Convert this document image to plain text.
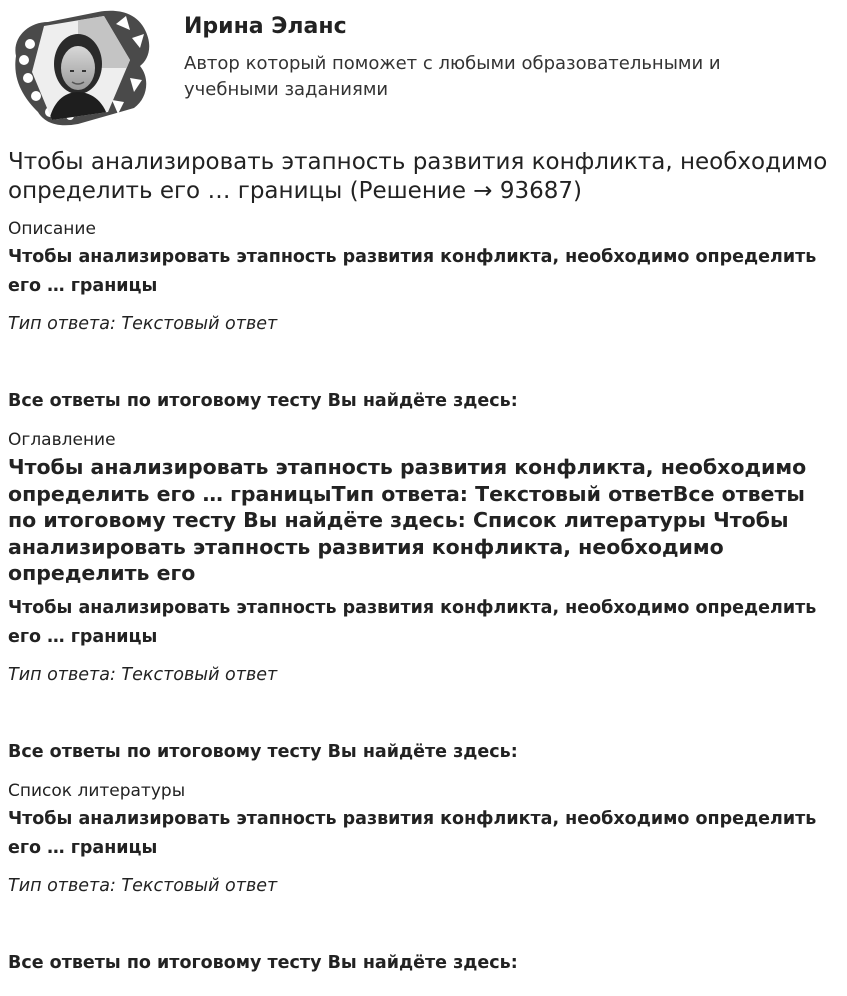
Ирина Эланс
Автор который поможет с любыми образовательными и учебными заданиями
Чтобы анализировать этапность развития конфликта, необходимо определить его … границы (Решение → 93687)
Описание
Чтобы анализировать этапность развития конфликта, необходимо определить его … границы
Тип ответа: Текстовый ответ
Все ответы по итоговому тесту Вы найдёте здесь:
Оглавление
Чтобы анализировать этапность развития конфликта, необходимо определить его … границыТип ответа: Текстовый ответВсе ответы по итоговому тесту Вы найдёте здесь: Список литературы Чтобы анализировать этапность развития конфликта, необходимо определить его
Чтобы анализировать этапность развития конфликта, необходимо определить его … границы
Тип ответа: Текстовый ответ
Все ответы по итоговому тесту Вы найдёте здесь:
Список литературы
Чтобы анализировать этапность развития конфликта, необходимо определить его … границы
Тип ответа: Текстовый ответ
Все ответы по итоговому тесту Вы найдёте здесь:
